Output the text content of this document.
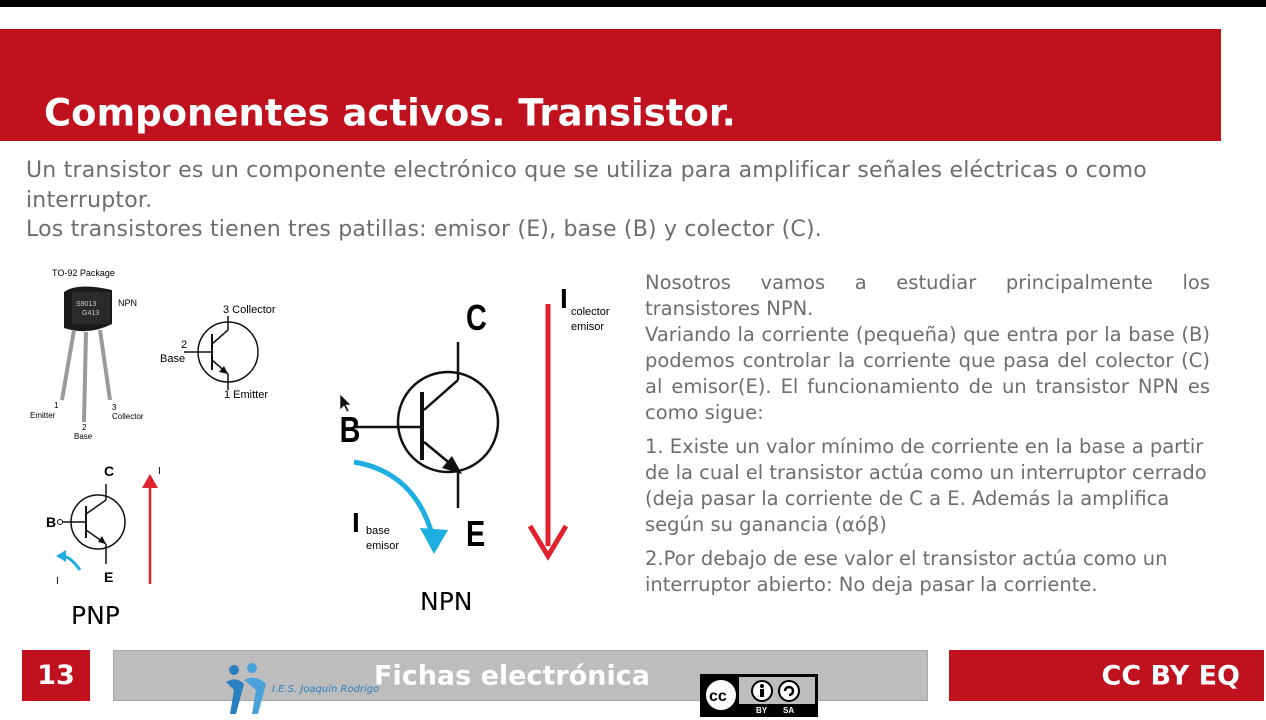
Componentes activos. Transistor.

Un transistor es un componente electrónico que se utiliza para amplificar señales eléctricas o como interruptor.

Los transistores tienen tres patillas: emisor (E), base (B) y colector (C).

TO-92 Package
S9013
G413
NPN
1
Emitter
2
Base
3
Collector
3 Collector
2
Base
1 Emitter
C
B
E
I
I
PNP
C
B
E
I base
emisor
I colector
emisor
NPN

Nosotros vamos a estudiar principalmente los transistores NPN.

Variando la corriente (pequeña) que entra por la base (B) podemos controlar la corriente que pasa del colector (C) al emisor(E). El funcionamiento de un transistor NPN es como sigue:

1. Existe un valor mínimo de corriente en la base a partir de la cual el transistor actúa como un interruptor cerrado (deja pasar la corriente de C a E. Además la amplifica según su ganancia (αóβ)

2.Por debajo de ese valor el transistor actúa como un interruptor abierto: No deja pasar la corriente.

13	Fichas electrónica
I.E.S. Joaquín Rodrigo	cc
BY SA
CC BY EQ
